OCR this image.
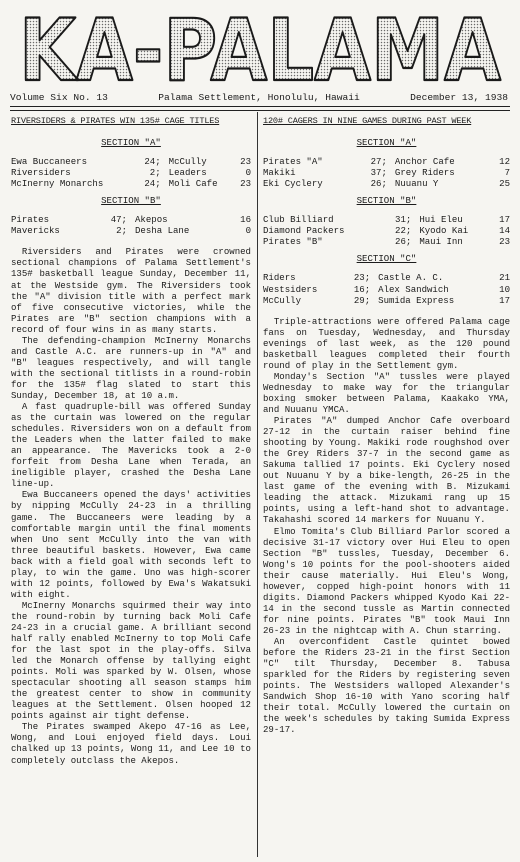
KA-PALAMA
Volume Six No. 13	Palama Settlement, Honolulu, Hawaii	December 13, 1938
RIVERSIDERS & PIRATES WIN 135# CAGE TITLES
SECTION "A"
Ewa Buccaneers	24;		McCully	23
Riversiders	2;		Leaders	0
McInerny Monarchs	24;		Moli Cafe	23
SECTION "B"
Pirates	47;		Akepos	16
Mavericks	2;		Desha Lane	0

Riversiders and Pirates were crowned sectional champions of Palama Settlement's 135# basketball league Sunday, December 11, at the Westside gym. The Riversiders took the "A" division title with a perfect mark of five consecutive victories, while the Pirates are "B" section champions with a record of four wins in as many starts.

The defending-champion McInerny Monarchs and Castle A.C. are runners-up in "A" and "B" leagues respectively, and will tangle with the sectional titlists in a round-robin for the 135# flag slated to start this Sunday, December 18, at 10 a.m.

A fast quadruple-bill was offered Sunday as the curtain was lowered on the regular schedules. Riversiders won on a default from the Leaders when the latter failed to make an appearance. The Mavericks took a 2-0 forfeit from Desha Lane when Terada, an ineligible player, crashed the Desha Lane line-up.

Ewa Buccaneers opened the days' activities by nipping McCully 24-23 in a thrilling game. The Buccaneers were leading by a comfortable margin until the final moments when Uno sent McCully into the van with three beautiful baskets. However, Ewa came back with a field goal with seconds left to play, to win the game. Uno was high-scorer with 12 points, followed by Ewa's Wakatsuki with eight.

McInerny Monarchs squirmed their way into the round-robin by turning back Moli Cafe 24-23 in a crucial game. A brilliant second half rally enabled McInerny to top Moli Cafe for the last spot in the play-offs. Silva led the Monarch offense by tallying eight points. Moli was sparked by W. Olsen, whose spectacular shooting all season stamps him the greatest center to show in community leagues at the Settlement. Olsen hooped 12 points against air tight defense.

The Pirates swamped Akepo 47-16 as Lee, Wong, and Loui enjoyed field days. Loui chalked up 13 points, Wong 11, and Lee 10 to completely outclass the Akepos.

120# CAGERS IN NINE GAMES DURING PAST WEEK
SECTION "A"
Pirates "A"	27;		Anchor Cafe	12
Makiki	37;		Grey Riders	7
Eki Cyclery	26;		Nuuanu Y	25
SECTION "B"
Club Billiard	31;		Hui Eleu	17
Diamond Packers	22;		Kyodo Kai	14
Pirates "B"	26;		Maui Inn	23
SECTION "C"
Riders	23;		Castle A. C.	21
Westsiders	16;		Alex Sandwich	10
McCully	29;		Sumida Express	17

Triple-attractions were offered Palama cage fans on Tuesday, Wednesday, and Thursday evenings of last week, as the 120 pound basketball leagues completed their fourth round of play in the Settlement gym.

Monday's Section "A" tussles were played Wednesday to make way for the triangular boxing smoker between Palama, Kaakako YMA, and Nuuanu YMCA.

Pirates "A" dumped Anchor Cafe overboard 27-12 in the curtain raiser behind fine shooting by Young. Makiki rode roughshod over the Grey Riders 37-7 in the second game as Sakuma tallied 17 points. Eki Cyclery nosed out Nuuanu Y by a bike-length, 26-25 in the last game of the evening with B. Mizukami leading the attack. Mizukami rang up 15 points, using a left-hand shot to advantage. Takahashi scored 14 markers for Nuuanu Y.

Elmo Tomita's Club Billiard Parlor scored a decisive 31-17 victory over Hui Eleu to open Section "B" tussles, Tuesday, December 6. Wong's 10 points for the pool-shooters aided their cause materially. Hui Eleu's Wong, however, copped high-point honors with 11 digits. Diamond Packers whipped Kyodo Kai 22-14 in the second tussle as Martin connected for nine points. Pirates "B" took Maui Inn 26-23 in the nightcap with A. Chun starring.

An overconfident Castle quintet bowed before the Riders 23-21 in the first Section "C" tilt Thursday, December 8. Tabusa sparkled for the Riders by registering seven points. The Westsiders walloped Alexander's Sandwich Shop 16-10 with Yano scoring half their total. McCully lowered the curtain on the week's schedules by taking Sumida Express 29-17.
